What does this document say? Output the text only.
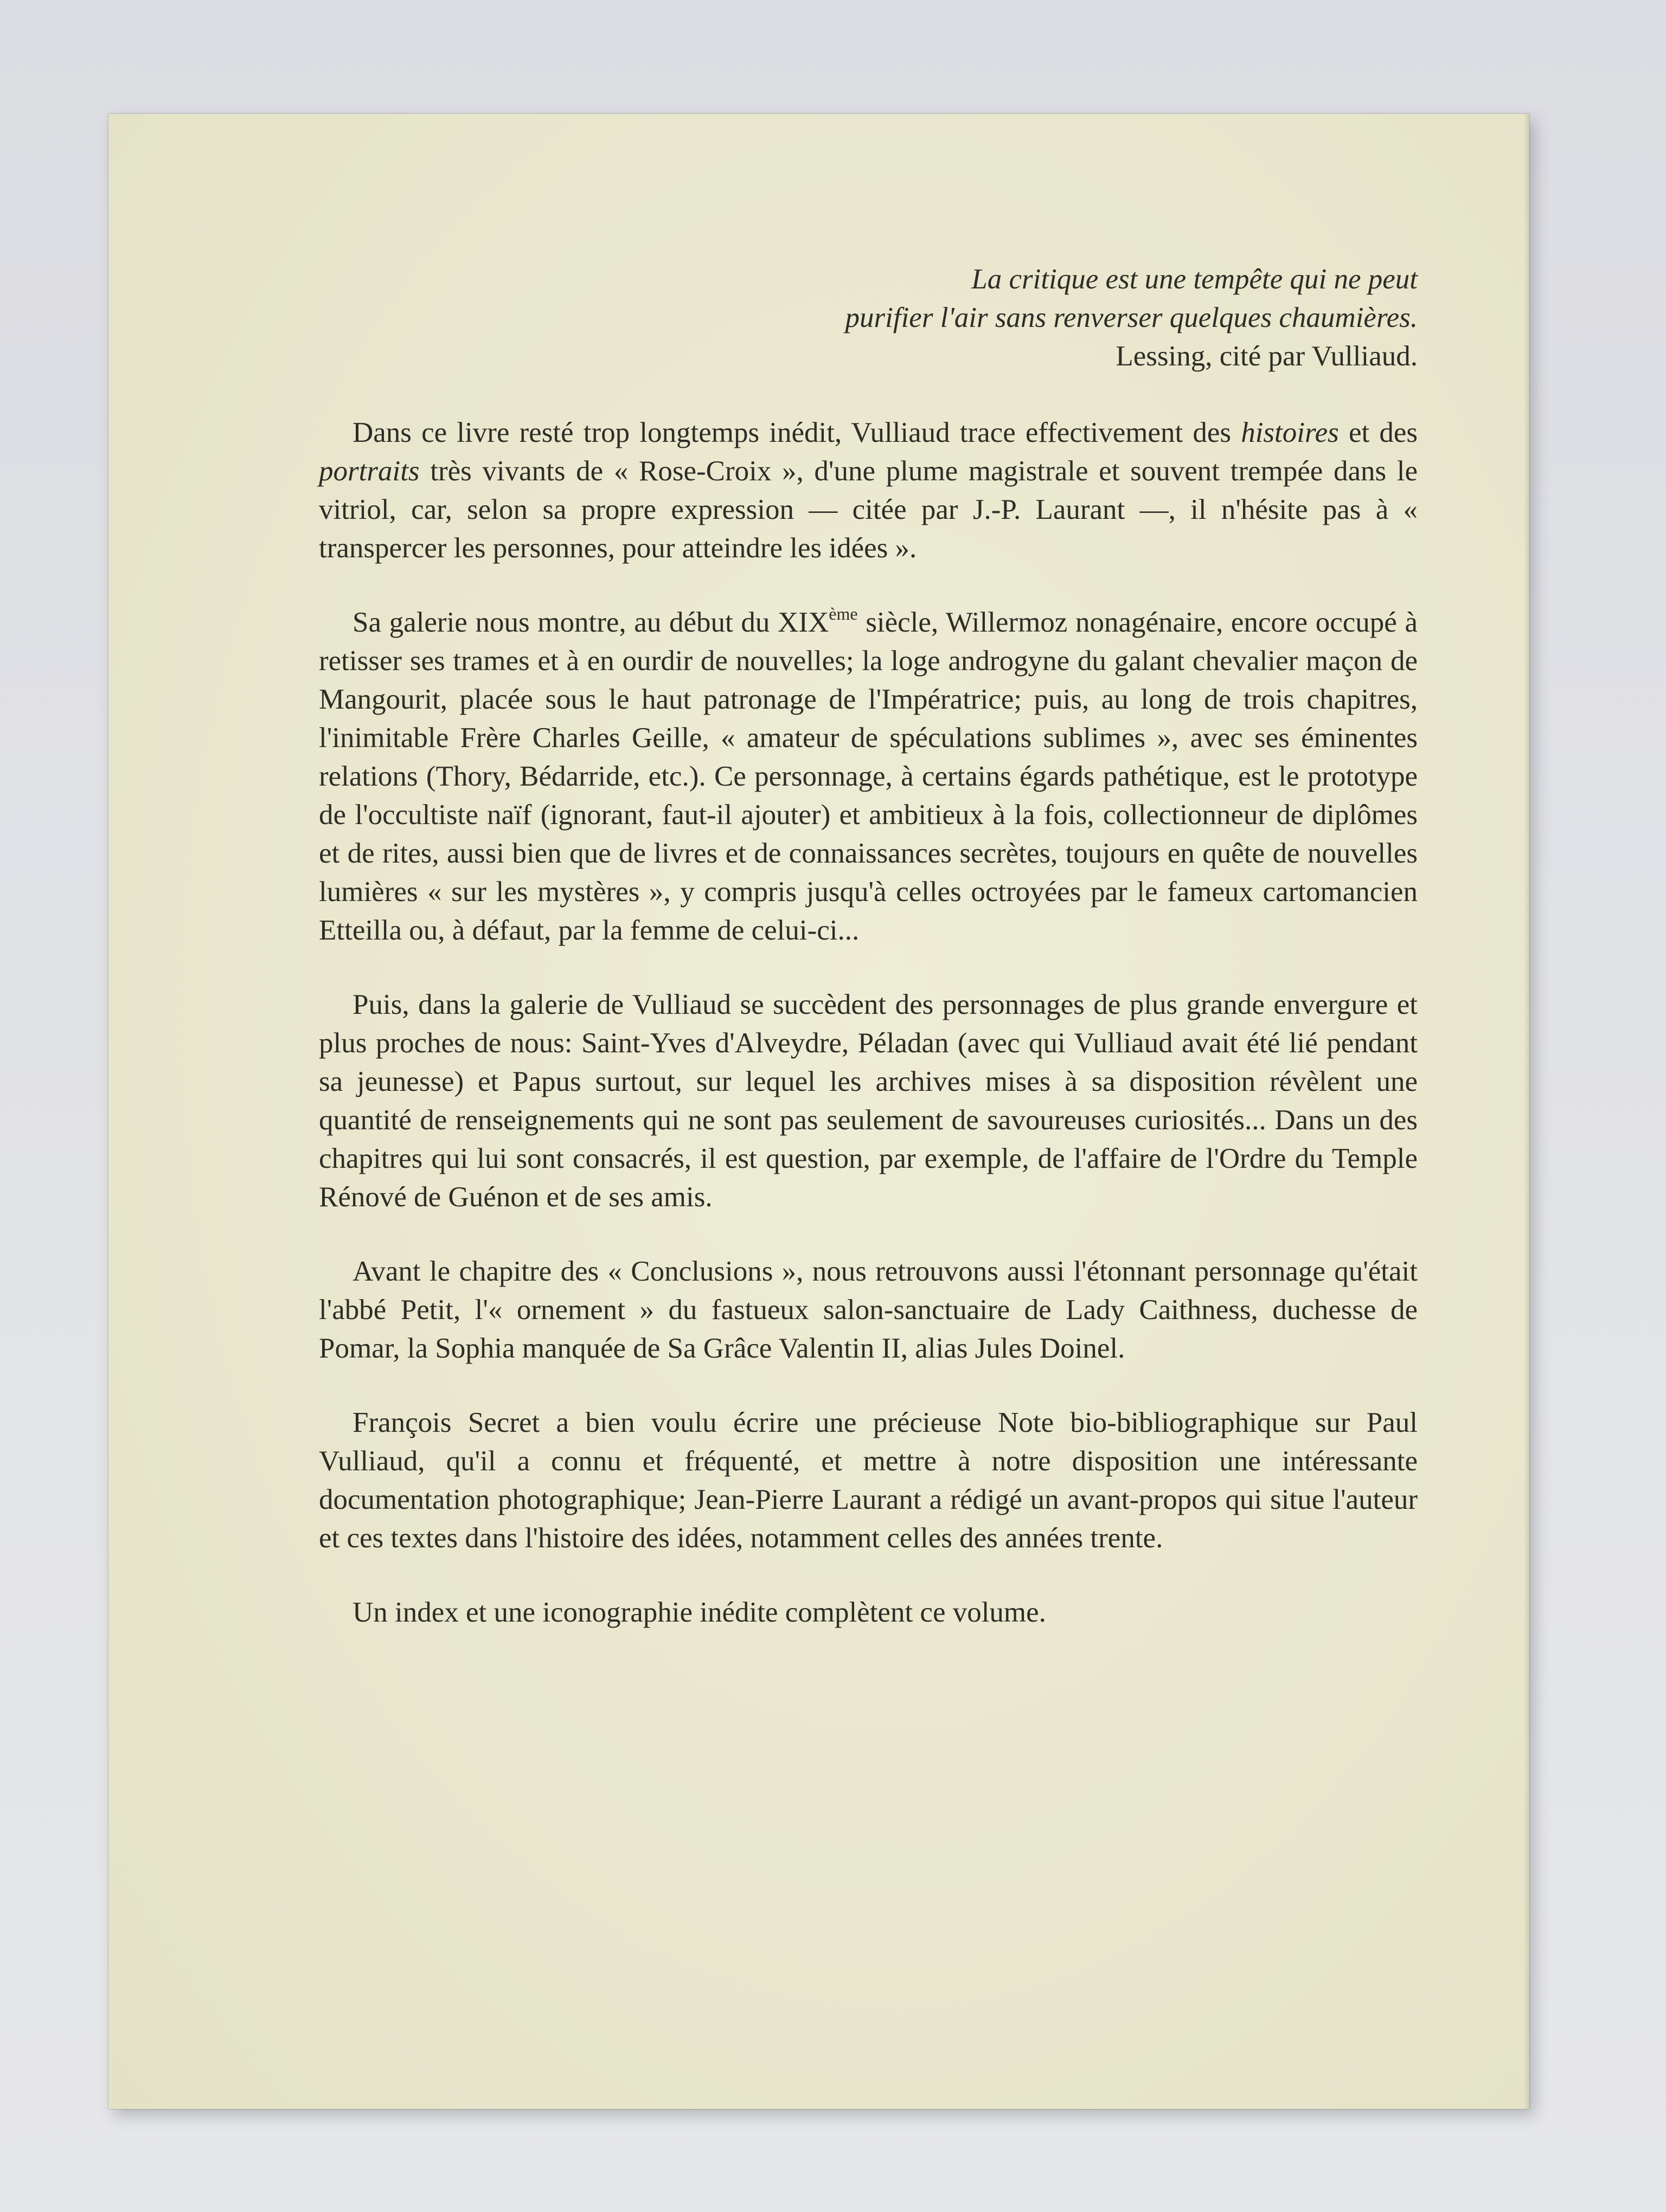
La critique est une tempête qui ne peut
purifier l'air sans renverser quelques chaumières.
Lessing, cité par Vulliaud.

Dans ce livre resté trop longtemps inédit, Vulliaud trace effectivement des histoires et des portraits très vivants de « Rose-Croix », d'une plume magistrale et souvent trempée dans le vitriol, car, selon sa propre expression — citée par J.-P. Laurant —, il n'hésite pas à « transpercer les personnes, pour atteindre les idées ».

Sa galerie nous montre, au début du XIXème siècle, Willermoz nonagénaire, encore occupé à retisser ses trames et à en ourdir de nouvelles; la loge androgyne du galant chevalier maçon de Mangourit, placée sous le haut patronage de l'Impératrice; puis, au long de trois chapitres, l'inimitable Frère Charles Geille, « amateur de spéculations sublimes », avec ses éminentes relations (Thory, Bédarride, etc.). Ce personnage, à certains égards pathétique, est le prototype de l'occultiste naïf (ignorant, faut-il ajouter) et ambitieux à la fois, collectionneur de diplômes et de rites, aussi bien que de livres et de connaissances secrètes, toujours en quête de nouvelles lumières « sur les mystères », y compris jusqu'à celles octroyées par le fameux cartomancien Etteilla ou, à défaut, par la femme de celui-ci...

Puis, dans la galerie de Vulliaud se succèdent des personnages de plus grande envergure et plus proches de nous: Saint-Yves d'Alveydre, Péladan (avec qui Vulliaud avait été lié pendant sa jeunesse) et Papus surtout, sur lequel les archives mises à sa disposition révèlent une quantité de renseignements qui ne sont pas seulement de savoureuses curiosités... Dans un des chapitres qui lui sont consacrés, il est question, par exemple, de l'affaire de l'Ordre du Temple Rénové de Guénon et de ses amis.

Avant le chapitre des « Conclusions », nous retrouvons aussi l'étonnant personnage qu'était l'abbé Petit, l'« ornement » du fastueux salon-sanctuaire de Lady Caithness, duchesse de Pomar, la Sophia manquée de Sa Grâce Valentin II, alias Jules Doinel.

François Secret a bien voulu écrire une précieuse Note bio-bibliographique sur Paul Vulliaud, qu'il a connu et fréquenté, et mettre à notre disposition une intéressante documentation photographique; Jean-Pierre Laurant a rédigé un avant-propos qui situe l'auteur et ces textes dans l'histoire des idées, notamment celles des années trente.

Un index et une iconographie inédite complètent ce volume.
